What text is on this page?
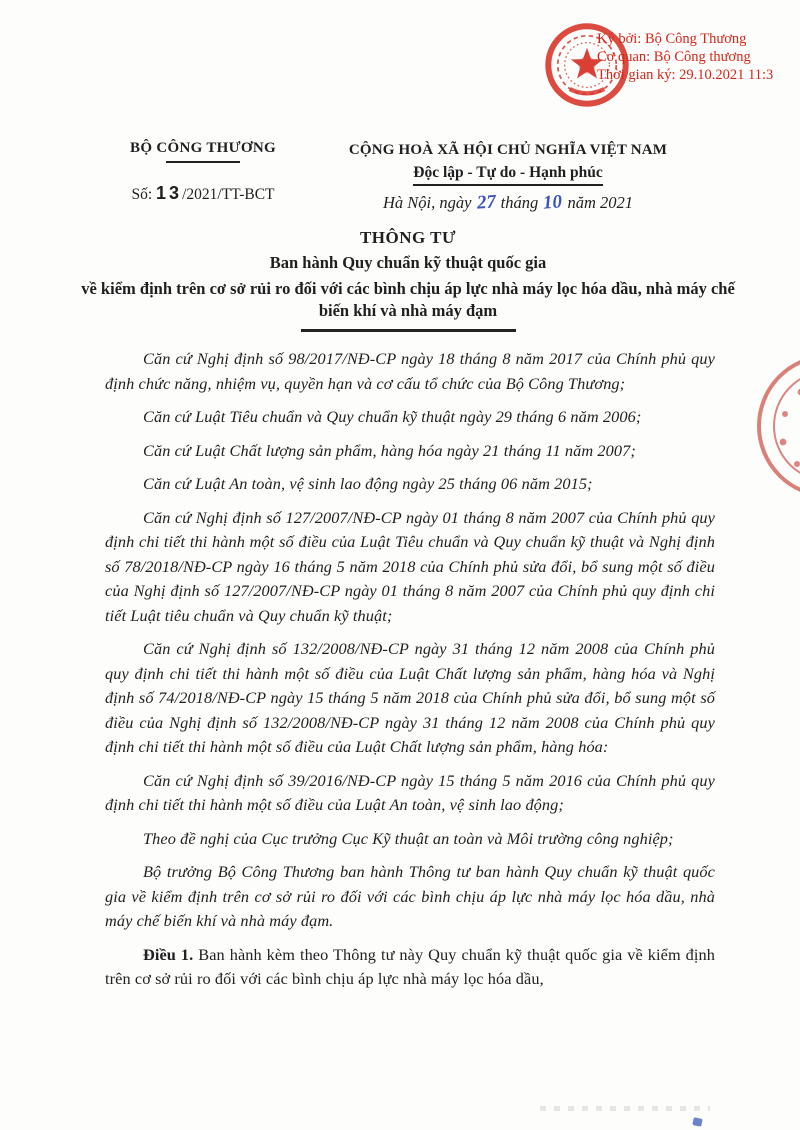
Ký bởi: Bộ Công Thương
Cơ quan: Bộ Công thương
Thời gian ký: 29.10.2021 11:3
BỘ CÔNG THƯƠNG
Số: 13/2021/TT-BCT
CỘNG HOÀ XÃ HỘI CHỦ NGHĨA VIỆT NAM
Độc lập - Tự do - Hạnh phúc
Hà Nội, ngày 27 tháng 10 năm 2021
THÔNG TƯ
Ban hành Quy chuẩn kỹ thuật quốc gia
về kiểm định trên cơ sở rủi ro đối với các bình chịu áp lực nhà máy lọc hóa dầu, nhà máy chế biến khí và nhà máy đạm

Căn cứ Nghị định số 98/2017/NĐ-CP ngày 18 tháng 8 năm 2017 của Chính phủ quy định chức năng, nhiệm vụ, quyền hạn và cơ cấu tổ chức của Bộ Công Thương;

Căn cứ Luật Tiêu chuẩn và Quy chuẩn kỹ thuật ngày 29 tháng 6 năm 2006;

Căn cứ Luật Chất lượng sản phẩm, hàng hóa ngày 21 tháng 11 năm 2007;

Căn cứ Luật An toàn, vệ sinh lao động ngày 25 tháng 06 năm 2015;

Căn cứ Nghị định số 127/2007/NĐ-CP ngày 01 tháng 8 năm 2007 của Chính phủ quy định chi tiết thi hành một số điều của Luật Tiêu chuẩn và Quy chuẩn kỹ thuật và Nghị định số 78/2018/NĐ-CP ngày 16 tháng 5 năm 2018 của Chính phủ sửa đổi, bổ sung một số điều của Nghị định số 127/2007/NĐ-CP ngày 01 tháng 8 năm 2007 của Chính phủ quy định chi tiết Luật tiêu chuẩn và Quy chuẩn kỹ thuật;

Căn cứ Nghị định số 132/2008/NĐ-CP ngày 31 tháng 12 năm 2008 của Chính phủ quy định chi tiết thi hành một số điều của Luật Chất lượng sản phẩm, hàng hóa và Nghị định số 74/2018/NĐ-CP ngày 15 tháng 5 năm 2018 của Chính phủ sửa đổi, bổ sung một số điều của Nghị định số 132/2008/NĐ-CP ngày 31 tháng 12 năm 2008 của Chính phủ quy định chi tiết thi hành một số điều của Luật Chất lượng sản phẩm, hàng hóa:

Căn cứ Nghị định số 39/2016/NĐ-CP ngày 15 tháng 5 năm 2016 của Chính phủ quy định chi tiết thi hành một số điều của Luật An toàn, vệ sinh lao động;

Theo đề nghị của Cục trưởng Cục Kỹ thuật an toàn và Môi trường công nghiệp;

Bộ trưởng Bộ Công Thương ban hành Thông tư ban hành Quy chuẩn kỹ thuật quốc gia về kiểm định trên cơ sở rủi ro đối với các bình chịu áp lực nhà máy lọc hóa dầu, nhà máy chế biến khí và nhà máy đạm.

Điều 1. Ban hành kèm theo Thông tư này Quy chuẩn kỹ thuật quốc gia về kiểm định trên cơ sở rủi ro đối với các bình chịu áp lực nhà máy lọc hóa dầu,
